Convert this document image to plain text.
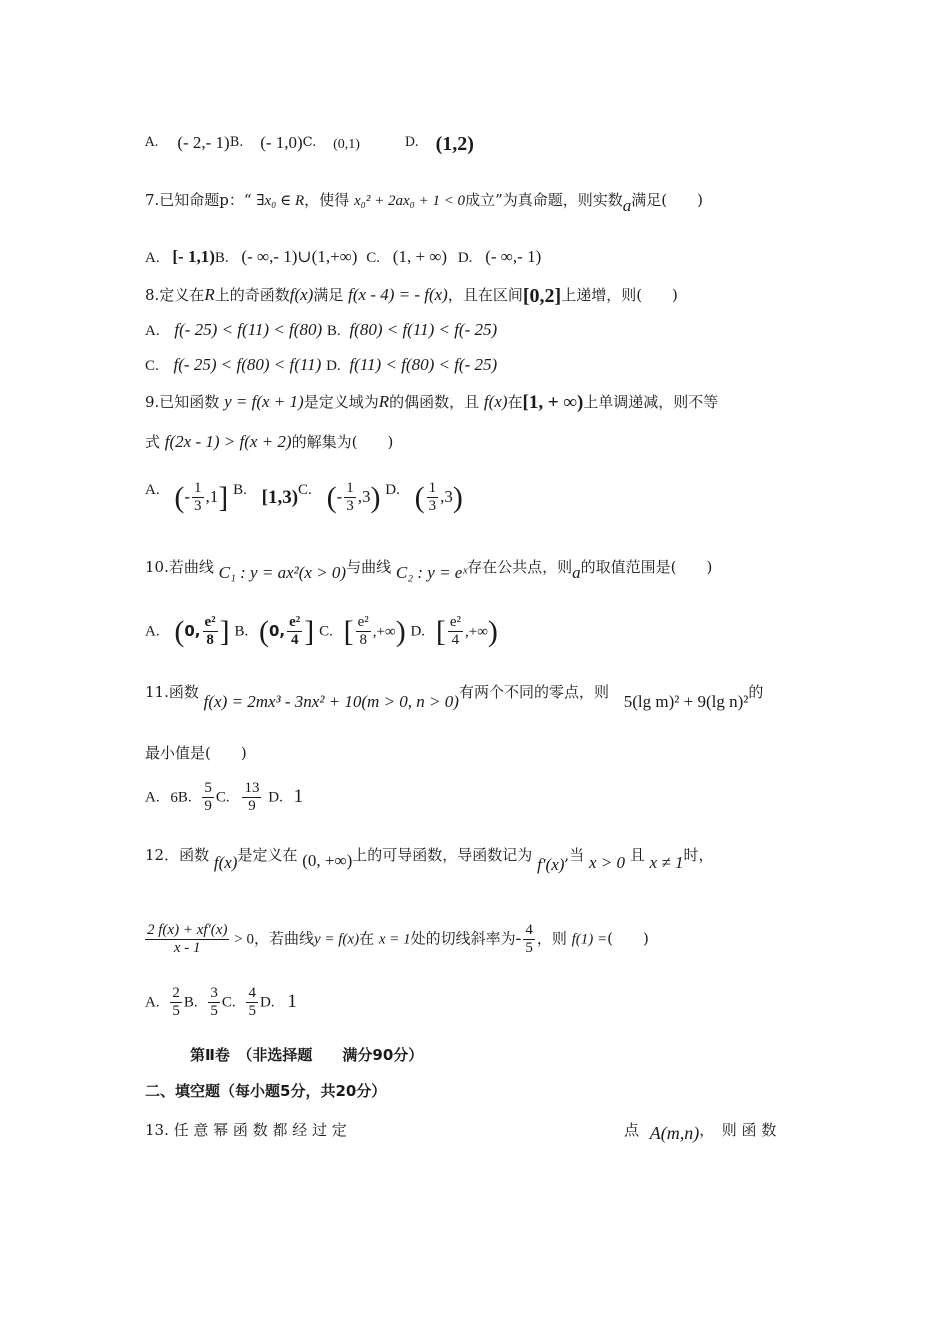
A. (- 2,- 1)B. (- 1,0)C. (0,1)	D. (1,2)
7.已知命题p：“ ∃x₀ ∈ R，使得 x₀² + 2ax₀ + 1 < 0成立”为真命题，则实数a满足(　　)
A. [- 1,1)B. (- ∞,- 1)∪(1,+∞) C. (1, + ∞) D. (- ∞,- 1)
8.定义在R上的奇函数f(x)满足 f(x - 4) = - f(x)，且在区间[0,2]上递增，则(　　)
A. f(- 25) < f(11) < f(80) B. f(80) < f(11) < f(- 25)
C. f(- 25) < f(80) < f(11) D. f(11) < f(80) < f(- 25)
9.已知函数 y = f(x + 1)是定义域为R的偶函数，且 f(x)在[1, + ∞)上单调递减，则不等
式 f(2x - 1) > f(x + 2)的解集为(　　)
A. (- $\frac{1}{3} ,1$] B. [1,3)C. (- $\frac{1}{3} ,3$) D. ( $\frac{1}{3} ,3$)
10.若曲线 C₁ : y = ax²(x > 0)与曲线 C₂ : y = eˣ存在公共点，则a的取值范围是(　　)
A. (0, $\frac{\text{e²}}{8}$ ] B. (0, $\frac{\text{e²}}{4}$ ] C. [ $\frac{\text{e²}}{8}$ ,+∞) D. [ $\frac{\text{e²}}{4}$ ,+∞)
11.函数 f(x) = 2mx³ - 3nx² + 10(m > 0, n > 0)有两个不同的零点，则 5(lg m)² + 9(lg n)²的
最小值是(　　)
A. 6B. $\frac{5}{9} C$. $\frac{13}{9} D$. 1
12．函数 f(x)是定义在 (0, +∞)上的可导函数，导函数记为 f′(x),当 x > 0 且 x ≠ 1时，
$\frac{2 f(x) + xf'(x)}{x - 1} > 0$，若曲线y = f(x)在 x = 1处的切线斜率为- $\frac{4}{5}$ ，则 f(1) =(　　)
A. $\frac{2}{5} B$. $\frac{3}{5} C$. $\frac{4}{5} D$. 1
第Ⅱ卷　（非选择题　　满分90分）
二、填空题（每小题5分，共20分）
13. 任 意 幂 函 数 都 经 过 定	点 A(m,n)，　则 函 数
